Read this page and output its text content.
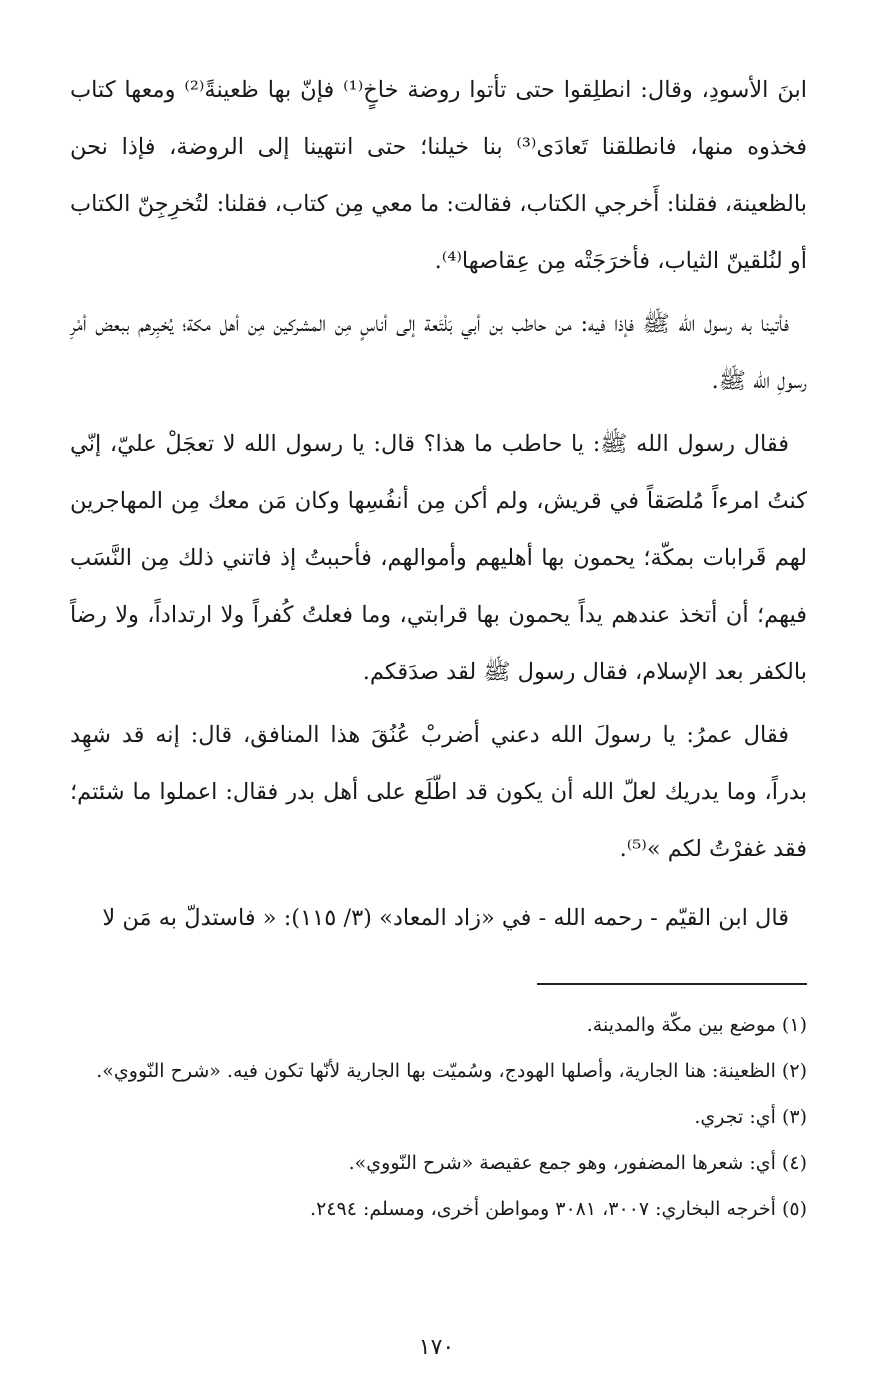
ابنَ الأسودِ، وقال: انطلِقوا حتى تأتوا روضة خاخٍ⁽¹⁾ فإنّ بها ظعينةً⁽²⁾ ومعها كتاب فخذوه منها، فانطلقنا تَعادَى⁽³⁾ بنا خيلنا؛ حتى انتهينا إلى الروضة، فإذا نحن بالظعينة، فقلنا: أَخرجي الكتاب، فقالت: ما معي مِن كتاب، فقلنا: لتُخرِجِنّ الكتاب أو لنُلقينّ الثياب، فأخرَجَتْه مِن عِقاصها⁽⁴⁾.

فأتينا به رسول الله ﷺ فإذا فيه: من حاطب بن أبي بَلْتَعة إلى أناسٍ مِن المشركين مِن أهل مكة؛ يُخبِرهم ببعض أمْرِ رسولِ الله ﷺ.

فقال رسول الله ﷺ: يا حاطب ما هذا؟ قال: يا رسول الله لا تعجَلْ عليّ، إنّي كنتُ امرءاً مُلصَقاً في قريش، ولم أكن مِن أنفُسِها وكان مَن معك مِن المهاجرين لهم قَرابات بمكّة؛ يحمون بها أهليهم وأموالهم، فأحببتُ إذ فاتني ذلك مِن النَّسَب فيهم؛ أن أتخذ عندهم يداً يحمون بها قرابتي، وما فعلتُ كُفراً ولا ارتداداً، ولا رضاً بالكفر بعد الإسلام، فقال رسول ﷺ لقد صدَقكم.

فقال عمرُ: يا رسولَ الله دعني أضربْ عُنُقَ هذا المنافق، قال: إنه قد شهِد بدراً، وما يدريك لعلّ الله أن يكون قد اطّلَع على أهل بدر فقال: اعملوا ما شئتم؛ فقد غفرْتُ لكم »⁽⁵⁾.

قال ابن القيّم - رحمه الله - في «زاد المعاد» (٣/ ١١٥): « فاستدلّ به مَن لا

(١) موضع بين مكّة والمدينة.
(٢) الظعينة: هنا الجارية، وأصلها الهودج، وسُميّت بها الجارية لأنّها تكون فيه. «شرح النّووي».
(٣) أي: تجري.
(٤) أي: شعرها المضفور، وهو جمع عقيصة «شرح النّووي».
(٥) أخرجه البخاري: ٣٠٠٧، ٣٠٨١ ومواطن أخرى، ومسلم: ٢٤٩٤.
١٧٠
